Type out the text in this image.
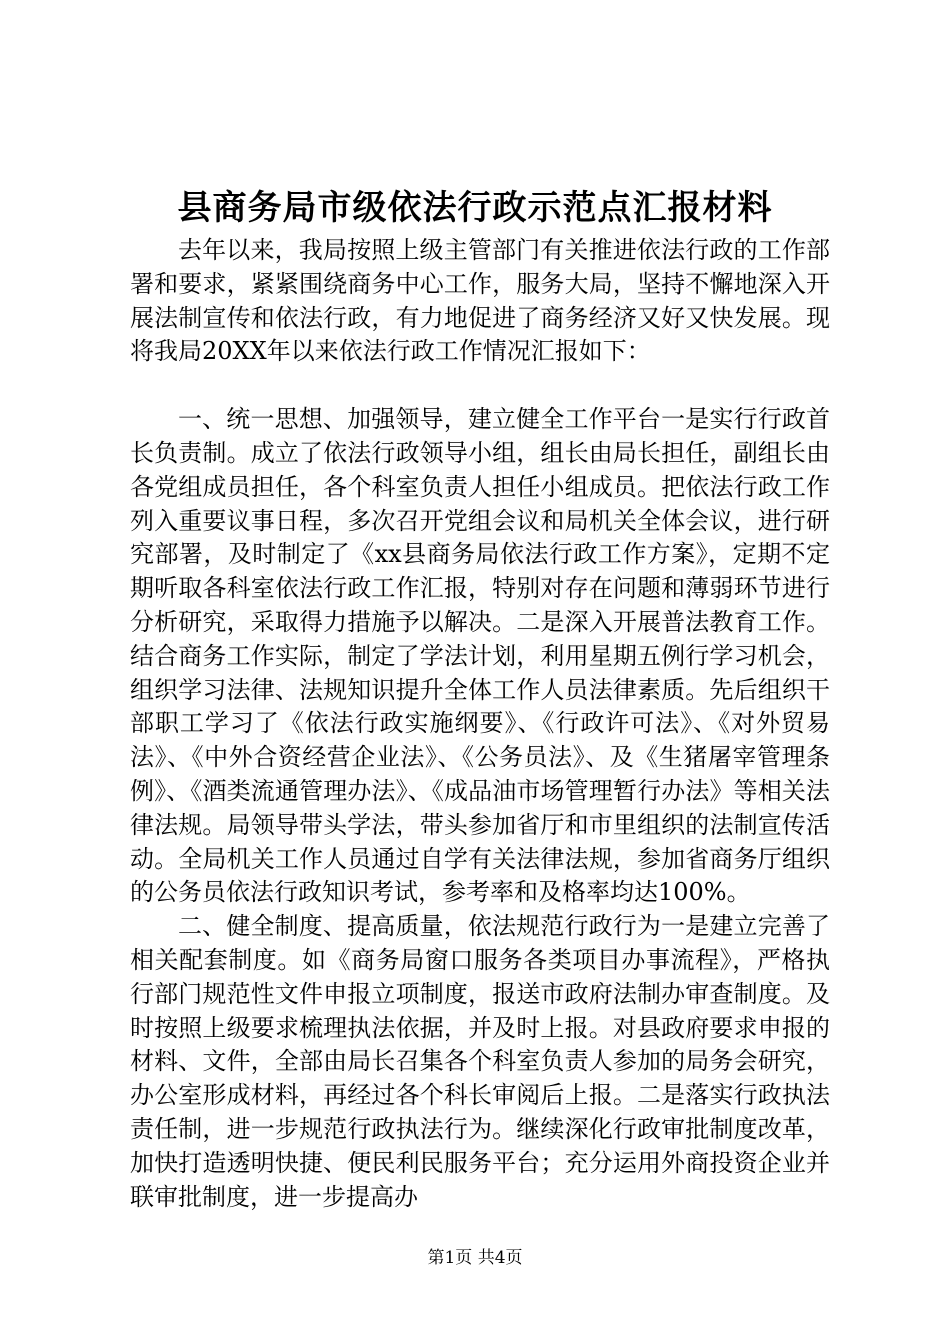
县商务局市级依法行政示范点汇报材料

去年以来，我局按照上级主管部门有关推进依法行政的工作部署和要求，紧紧围绕商务中心工作，服务大局，坚持不懈地深入开展法制宣传和依法行政，有力地促进了商务经济又好又快发展。现将我局20XX年以来依法行政工作情况汇报如下：

一、统一思想、加强领导，建立健全工作平台一是实行行政首长负责制。成立了依法行政领导小组，组长由局长担任，副组长由各党组成员担任，各个科室负责人担任小组成员。把依法行政工作列入重要议事日程，多次召开党组会议和局机关全体会议，进行研究部署，及时制定了《xx县商务局依法行政工作方案》，定期不定期听取各科室依法行政工作汇报，特别对存在问题和薄弱环节进行分析研究，采取得力措施予以解决。二是深入开展普法教育工作。结合商务工作实际，制定了学法计划，利用星期五例行学习机会，组织学习法律、法规知识提升全体工作人员法律素质。先后组织干部职工学习了《依法行政实施纲要》、《行政许可法》、《对外贸易法》、《中外合资经营企业法》、《公务员法》、及《生猪屠宰管理条例》、《酒类流通管理办法》、《成品油市场管理暂行办法》等相关法律法规。局领导带头学法，带头参加省厅和市里组织的法制宣传活动。全局机关工作人员通过自学有关法律法规，参加省商务厅组织的公务员依法行政知识考试，参考率和及格率均达100%。

二、健全制度、提高质量，依法规范行政行为一是建立完善了相关配套制度。如《商务局窗口服务各类项目办事流程》，严格执行部门规范性文件申报立项制度，报送市政府法制办审查制度。及时按照上级要求梳理执法依据，并及时上报。对县政府要求申报的材料、文件，全部由局长召集各个科室负责人参加的局务会研究，办公室形成材料，再经过各个科长审阅后上报。二是落实行政执法责任制，进一步规范行政执法行为。继续深化行政审批制度改革，加快打造透明快捷、便民利民服务平台；充分运用外商投资企业并联审批制度，进一步提高办

第1页 共4页
